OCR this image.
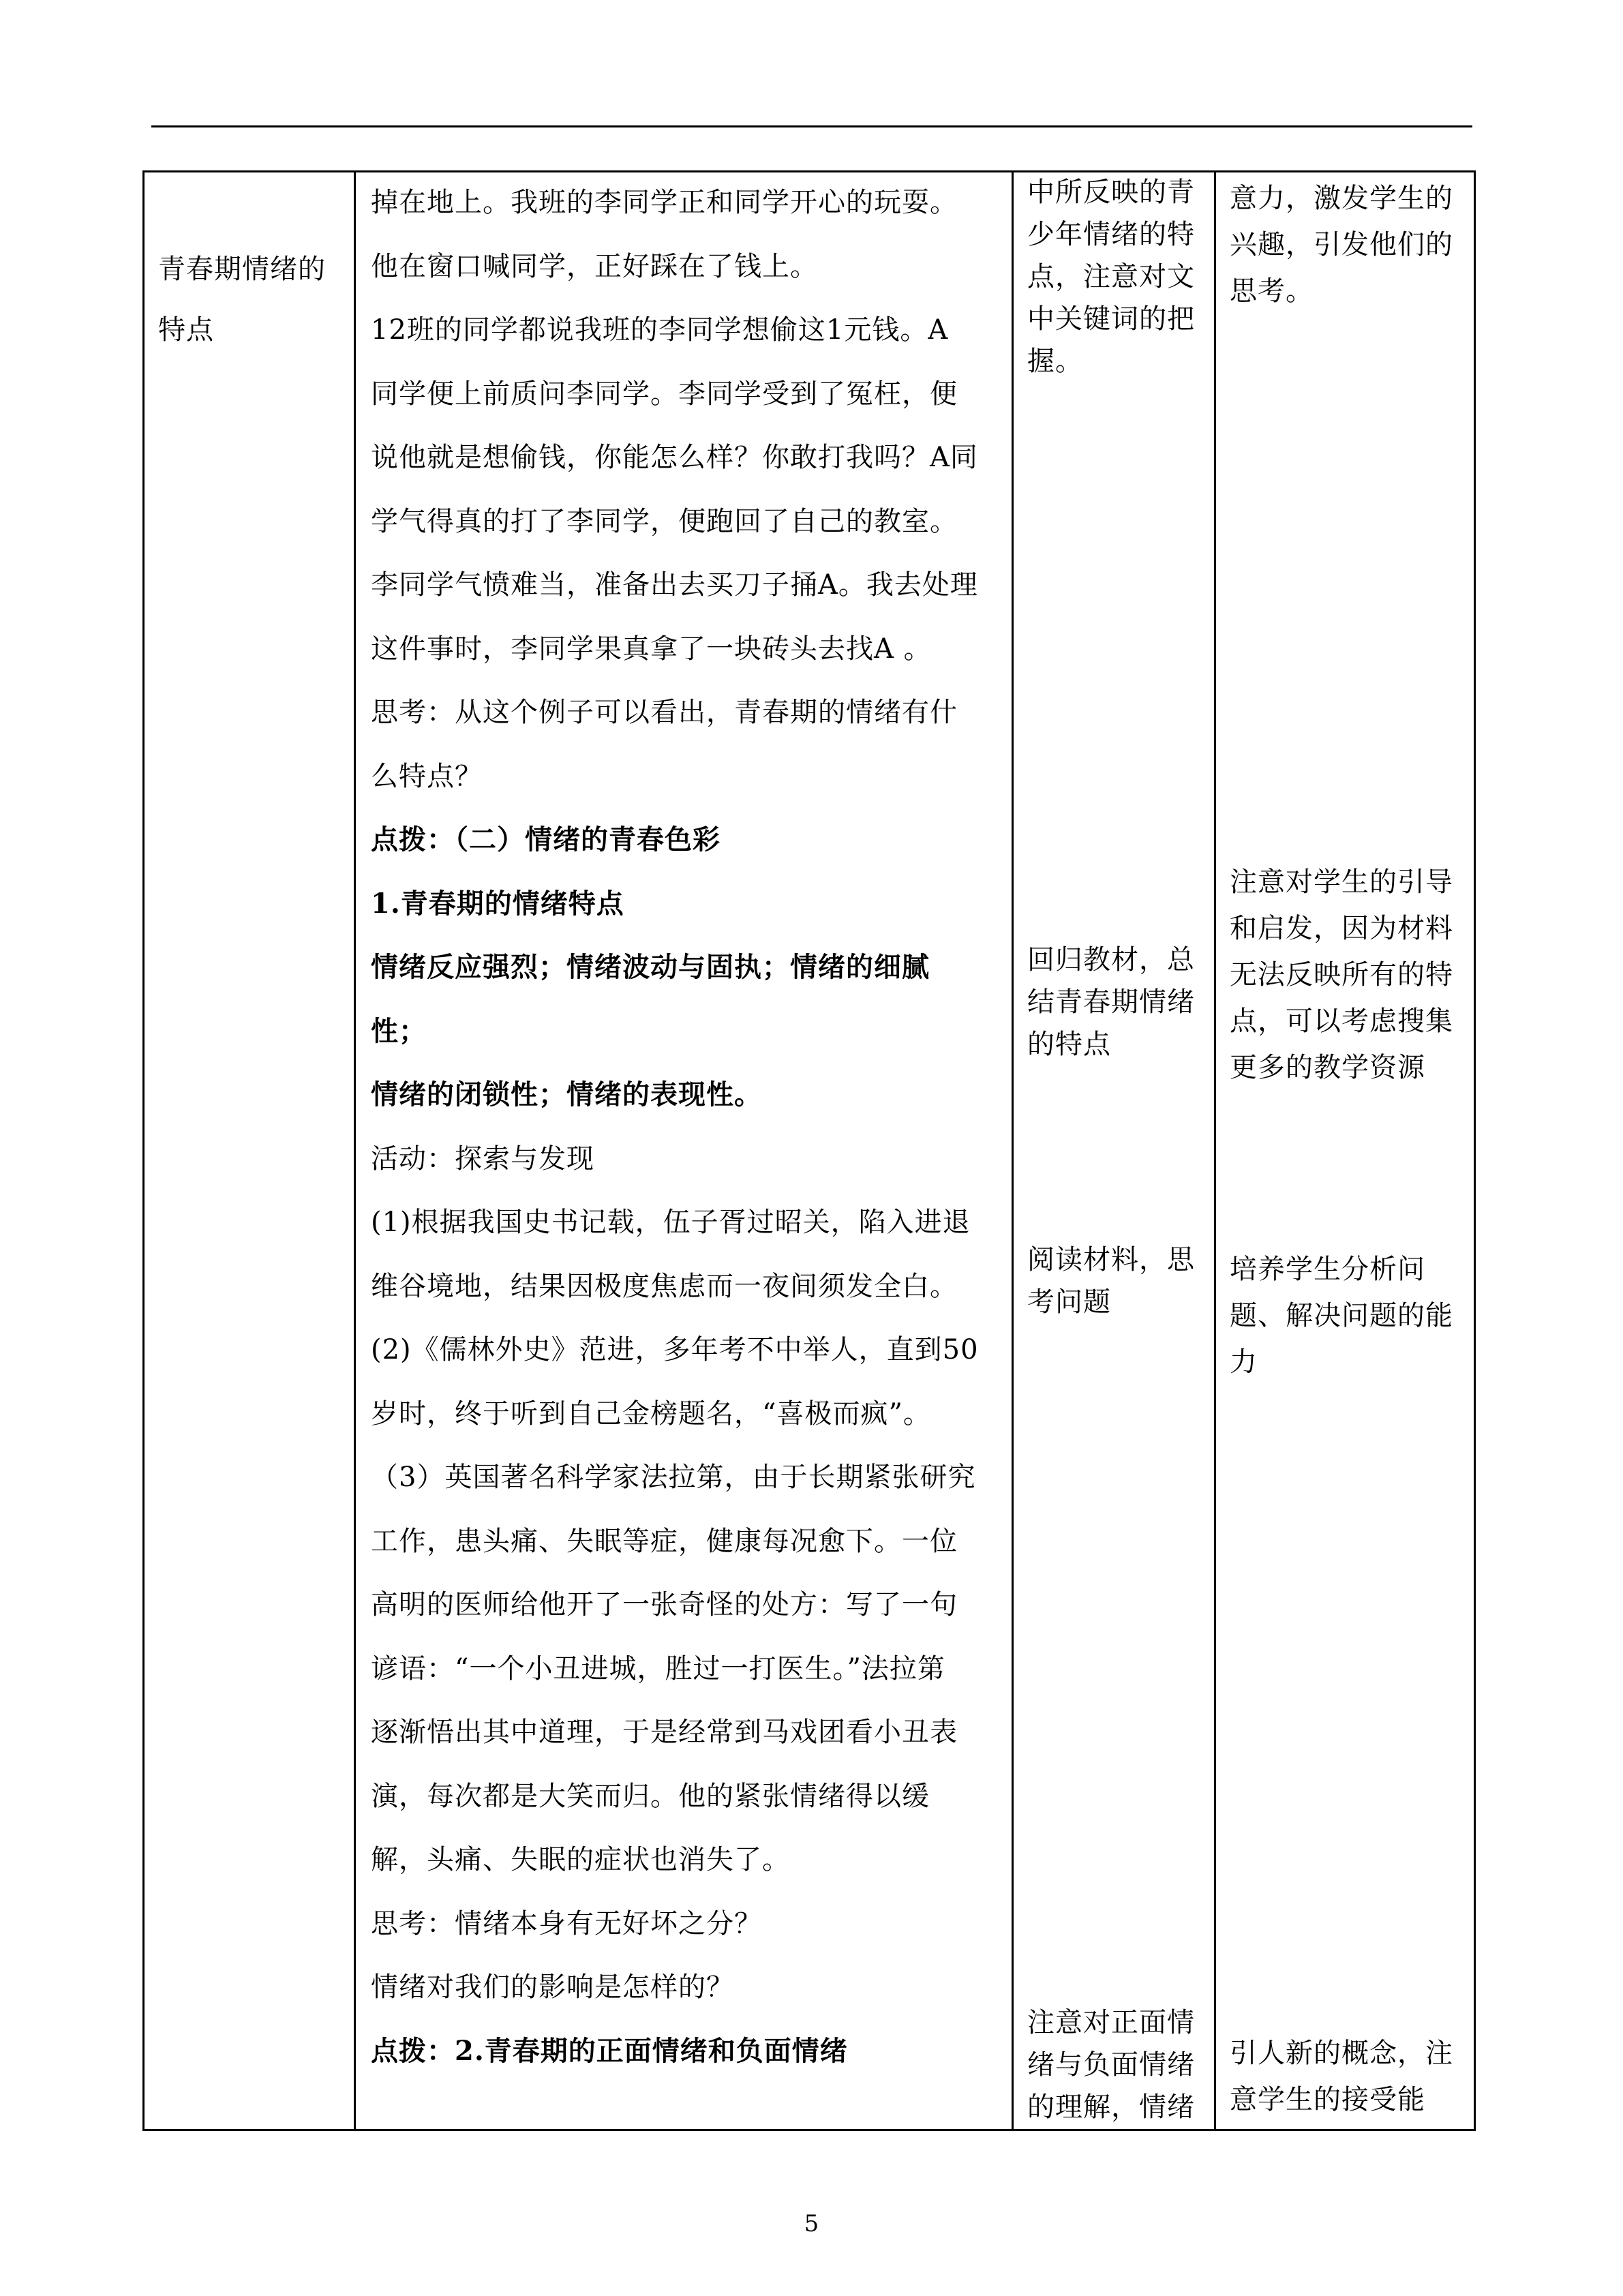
青春期情绪的
特点
掉在地上。我班的李同学正和同学开心的玩耍。
他在窗口喊同学，正好踩在了钱上。
12班的同学都说我班的李同学想偷这1元钱。A
同学便上前质问李同学。李同学受到了冤枉，便
说他就是想偷钱，你能怎么样？你敢打我吗？A同
学气得真的打了李同学，便跑回了自己的教室。
李同学气愤难当，准备出去买刀子捅A。我去处理
这件事时，李同学果真拿了一块砖头去找A 。
思考：从这个例子可以看出，青春期的情绪有什
么特点？
点拨：（二）情绪的青春色彩
1.青春期的情绪特点
情绪反应强烈；情绪波动与固执；情绪的细腻
性；
情绪的闭锁性；情绪的表现性。
活动：探索与发现
(1)根据我国史书记载，伍子胥过昭关，陷入进退
维谷境地，结果因极度焦虑而一夜间须发全白。
(2)《儒林外史》范进，多年考不中举人，直到50
岁时，终于听到自己金榜题名，“喜极而疯”。
（3）英国著名科学家法拉第，由于长期紧张研究
工作，患头痛、失眠等症，健康每况愈下。一位
高明的医师给他开了一张奇怪的处方：写了一句
谚语：“一个小丑进城，胜过一打医生。”法拉第
逐渐悟出其中道理，于是经常到马戏团看小丑表
演，每次都是大笑而归。他的紧张情绪得以缓
解，头痛、失眠的症状也消失了。
思考：情绪本身有无好坏之分？
情绪对我们的影响是怎样的？
点拨：2.青春期的正面情绪和负面情绪
中所反映的青
少年情绪的特
点，注意对文
中关键词的把
握。
回归教材，总
结青春期情绪
的特点
阅读材料，思
考问题
注意对正面情
绪与负面情绪
的理解，情绪
意力，激发学生的
兴趣，引发他们的
思考。
注意对学生的引导
和启发，因为材料
无法反映所有的特
点，可以考虑搜集
更多的教学资源
培养学生分析问
题、解决问题的能
力
引人新的概念，注
意学生的接受能
5
